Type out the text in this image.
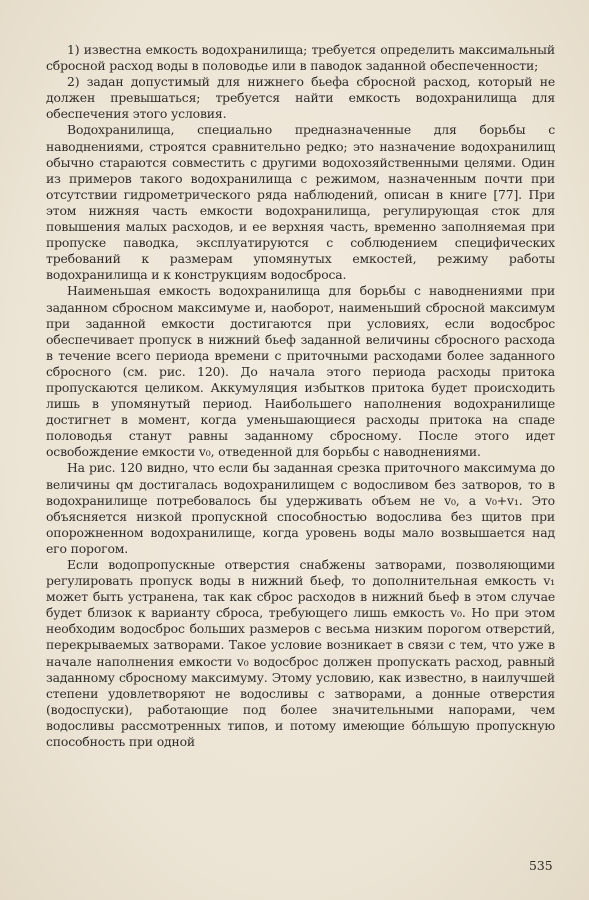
1) известна емкость водохранилища; требуется определить максимальный сбросной расход воды в половодье или в паводок заданной обеспеченности;

2) задан допустимый для нижнего бьефа сбросной расход, который не должен превышаться; требуется найти емкость водохранилища для обеспечения этого условия.

Водохранилища, специально предназначенные для борьбы с наводнениями, строятся сравнительно редко; это назначение водохранилищ обычно стараются совместить с другими водохозяйственными целями. Один из примеров такого водохранилища с режимом, назначенным почти при отсутствии гидрометрического ряда наблюдений, описан в книге [77]. При этом нижняя часть емкости водохранилища, регулирующая сток для повышения малых расходов, и ее верхняя часть, временно заполняемая при пропуске паводка, эксплуатируются с соблюдением специфических требований к размерам упомянутых емкостей, режиму работы водохранилища и к конструкциям водосброса.

Наименьшая емкость водохранилища для борьбы с наводнениями при заданном сбросном максимуме и, наоборот, наименьший сбросной максимум при заданной емкости достигаются при условиях, если водосброс обеспечивает пропуск в нижний бьеф заданной величины сбросного расхода в течение всего периода времени с приточными расходами более заданного сбросного (см. рис. 120). До начала этого периода расходы притока пропускаются целиком. Аккумуляция избытков притока будет происходить лишь в упомянутый период. Наибольшего наполнения водохранилище достигнет в момент, когда уменьшающиеся расходы притока на спаде половодья станут равны заданному сбросному. После этого идет освобождение емкости v₀, отведенной для борьбы с наводнениями.

На рис. 120 видно, что если бы заданная срезка приточного максимума до величины qм достигалась водохранилищем с водосливом без затворов, то в водохранилище потребовалось бы удерживать объем не v₀, а v₀+v₁. Это объясняется низкой пропускной способностью водослива без щитов при опорожненном водохранилище, когда уровень воды мало возвышается над его порогом.

Если водопропускные отверстия снабжены затворами, позволяющими регулировать пропуск воды в нижний бьеф, то дополнительная емкость v₁ может быть устранена, так как сброс расходов в нижний бьеф в этом случае будет близок к варианту сброса, требующего лишь емкость v₀. Но при этом необходим водосброс больших размеров с весьма низким порогом отверстий, перекрываемых затворами. Такое условие возникает в связи с тем, что уже в начале наполнения емкости v₀ водосброс должен пропускать расход, равный заданному сбросному максимуму. Этому условию, как известно, в наилучшей степени удовлетворяют не водосливы с затворами, а донные отверстия (водоспуски), работающие под более значительными напорами, чем водосливы рассмотренных типов, и потому имеющие бóльшую пропускную способность при одной

535
